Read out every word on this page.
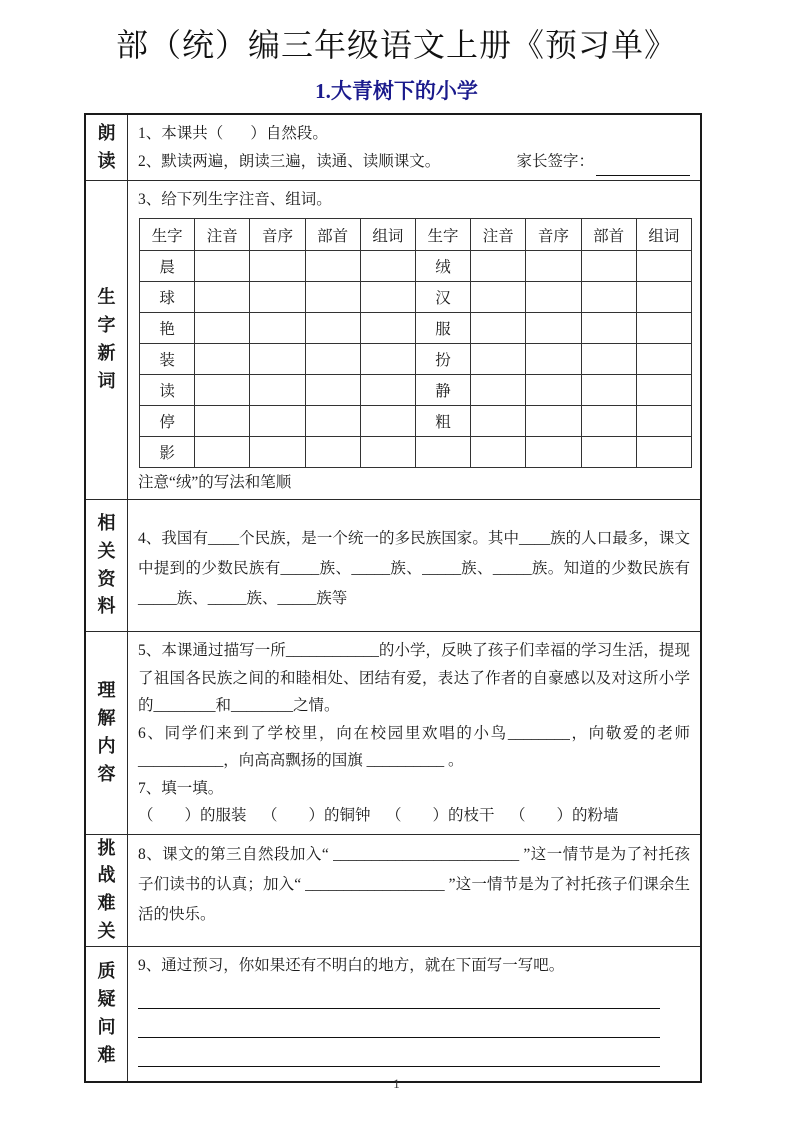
部（统）编三年级语文上册《预习单》
1.大青树下的小学
朗读
1、本课共（       ）自然段。
2、默读两遍，朗读三遍，读通、读顺课文。	家长签字：
生字新词
3、给下列生字注音、组词。
生字	注音	音序	部首	组词	生字	注音	音序	部首	组词
晨					绒				
球					汉				
艳					服				
装					扮				
读					静				
停					粗				
影									
注意“绒”的写法和笔顺
相关资料
4、我国有____个民族，是一个统一的多民族国家。其中____族的人口最多，课文中提到的少数民族有_____族、_____族、_____族、_____族。知道的少数民族有_____族、_____族、_____族等
理解内容
5、本课通过描写一所____________的小学，反映了孩子们幸福的学习生活，提现了祖国各民族之间的和睦相处、团结有爱，表达了作者的自豪感以及对这所小学的________和________之情。
6、同学们来到了学校里，向在校园里欢唱的小鸟________，向敬爱的老师___________，向高高飘扬的国旗 __________ 。
7、填一填。
（        ）的服装    （        ）的铜钟    （        ）的枝干    （        ）的粉墙
挑战难关
8、课文的第三自然段加入“ ________________________ ”这一情节是为了衬托孩子们读书的认真；加入“ __________________ ”这一情节是为了衬托孩子们课余生活的快乐。
质疑问难
9、通过预习，你如果还有不明白的地方，就在下面写一写吧。
1
